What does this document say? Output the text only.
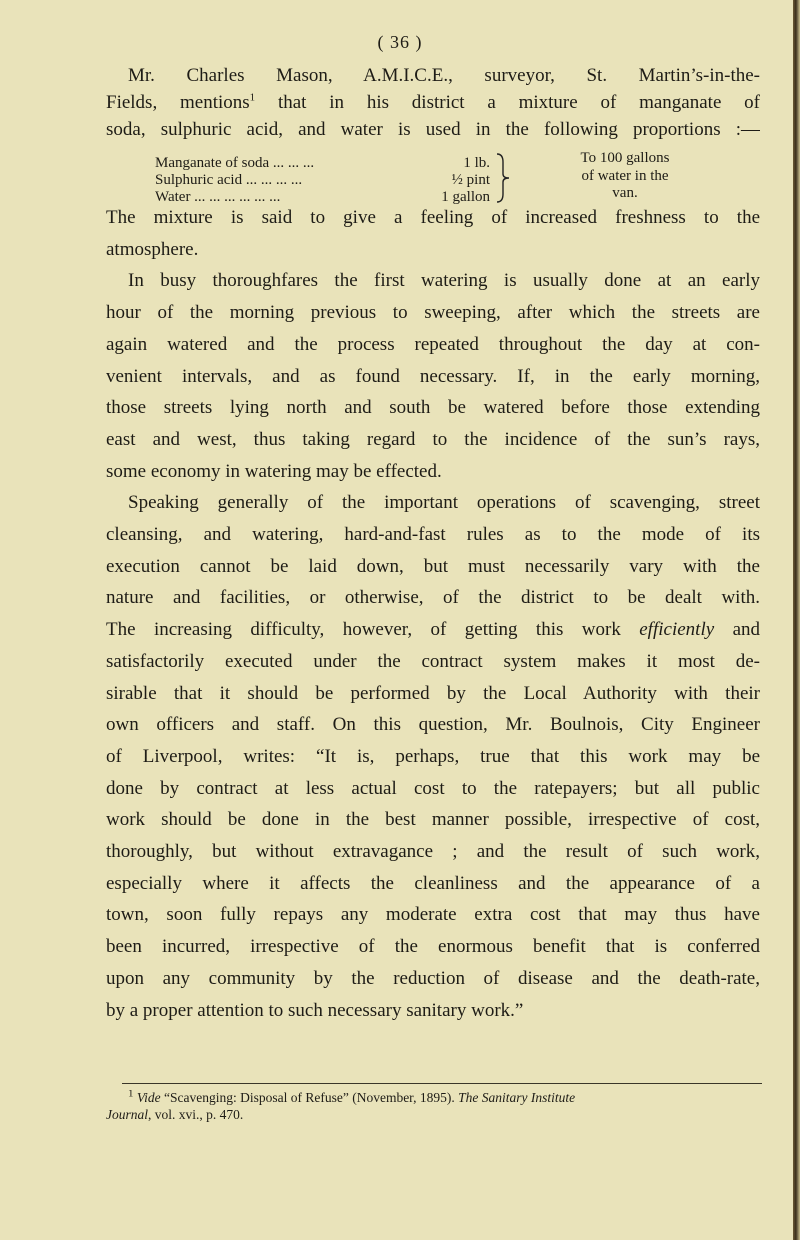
( 36 )
Mr. Charles Mason, A.M.I.C.E., surveyor, St. Martin’s-in-the-
Fields, mentions$^1$ that in his district a mixture of manganate of
soda, sulphuric acid, and water is used in the following proportions :—
Manganate of soda ... ... ...	1 lb.
Sulphuric acid ... ... ... ...	½ pint
Water ... ... ... ... ... ...	1 gallon
To 100 gallons
of water in the
van.
The mixture is said to give a feeling of increased freshness to the
atmosphere.
In busy thoroughfares the first watering is usually done at an early
hour of the morning previous to sweeping, after which the streets are
again watered and the process repeated throughout the day at con-
venient intervals, and as found necessary. If, in the early morning,
those streets lying north and south be watered before those extending
east and west, thus taking regard to the incidence of the sun’s rays,
some economy in watering may be effected.
Speaking generally of the important operations of scavenging, street
cleansing, and watering, hard-and-fast rules as to the mode of its
execution cannot be laid down, but must necessarily vary with the
nature and facilities, or otherwise, of the district to be dealt with.
The increasing difficulty, however, of getting this work efficiently and
satisfactorily executed under the contract system makes it most de-
sirable that it should be performed by the Local Authority with their
own officers and staff. On this question, Mr. Boulnois, City Engineer
of Liverpool, writes: “It is, perhaps, true that this work may be
done by contract at less actual cost to the ratepayers; but all public
work should be done in the best manner possible, irrespective of cost,
thoroughly, but without extravagance ; and the result of such work,
especially where it affects the cleanliness and the appearance of a
town, soon fully repays any moderate extra cost that may thus have
been incurred, irrespective of the enormous benefit that is conferred
upon any community by the reduction of disease and the death-rate,
by a proper attention to such necessary sanitary work.”
$^1$ Vide “Scavenging: Disposal of Refuse” (November, 1895). The Sanitary Institute
Journal, vol. xvi., p. 470.
